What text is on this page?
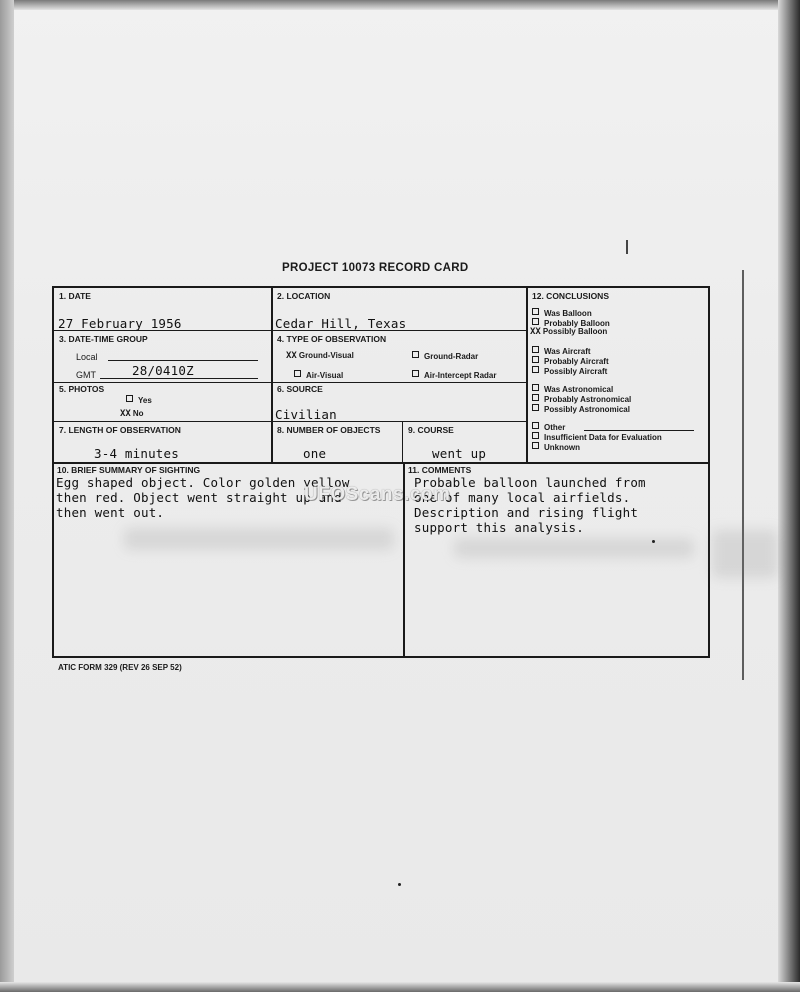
PROJECT 10073 RECORD CARD
1. DATE
27 February 1956
2. LOCATION
Cedar Hill, Texas
3. DATE-TIME GROUP
Local
GMT	28/0410Z
4. TYPE OF OBSERVATION
XX Ground-Visual	Ground-Radar
Air-Visual	Air-Intercept Radar
5. PHOTOS
Yes
XX No
6. SOURCE
Civilian
7. LENGTH OF OBSERVATION
3-4 minutes
8. NUMBER OF OBJECTS
one
9. COURSE
went up
12. CONCLUSIONS
Was Balloon
Probably Balloon
XX Possibly Balloon
Was Aircraft
Probably Aircraft
Possibly Aircraft
Was Astronomical
Probably Astronomical
Possibly Astronomical
Other
Insufficient Data for Evaluation
Unknown
10. BRIEF SUMMARY OF SIGHTING
Egg shaped object. Color golden yellow
then red. Object went straight up and
then went out.
11. COMMENTS
Probable balloon launched from
one of many local airfields.
Description and rising flight
support this analysis.
UFOScans.com
ATIC FORM 329 (REV 26 SEP 52)
